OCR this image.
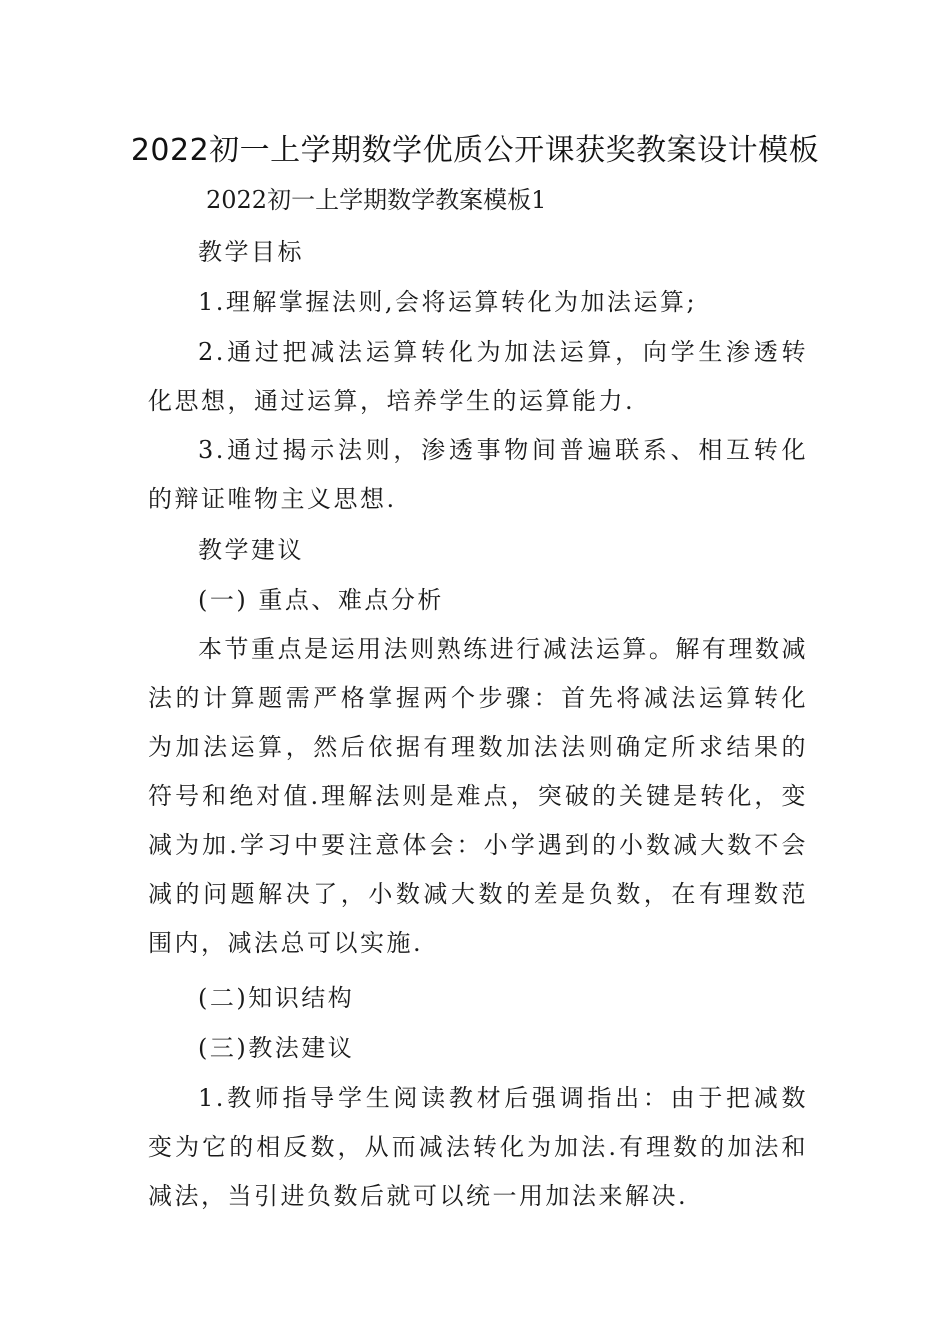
2022初一上学期数学优质公开课获奖教案设计模板
2022初一上学期数学教案模板1
教学目标
1.理解掌握法则,会将运算转化为加法运算;
2.通过把减法运算转化为加法运算，向学生渗透转化思想，通过运算，培养学生的运算能力.
3.通过揭示法则，渗透事物间普遍联系、相互转化的辩证唯物主义思想.
教学建议
(一) 重点、难点分析
本节重点是运用法则熟练进行减法运算。解有理数减法的计算题需严格掌握两个步骤：首先将减法运算转化为加法运算，然后依据有理数加法法则确定所求结果的符号和绝对值.理解法则是难点，突破的关键是转化，变减为加.学习中要注意体会：小学遇到的小数减大数不会减的问题解决了，小数减大数的差是负数，在有理数范围内，减法总可以实施.
(二)知识结构
(三)教法建议
1.教师指导学生阅读教材后强调指出：由于把减数变为它的相反数，从而减法转化为加法.有理数的加法和减法，当引进负数后就可以统一用加法来解决.
